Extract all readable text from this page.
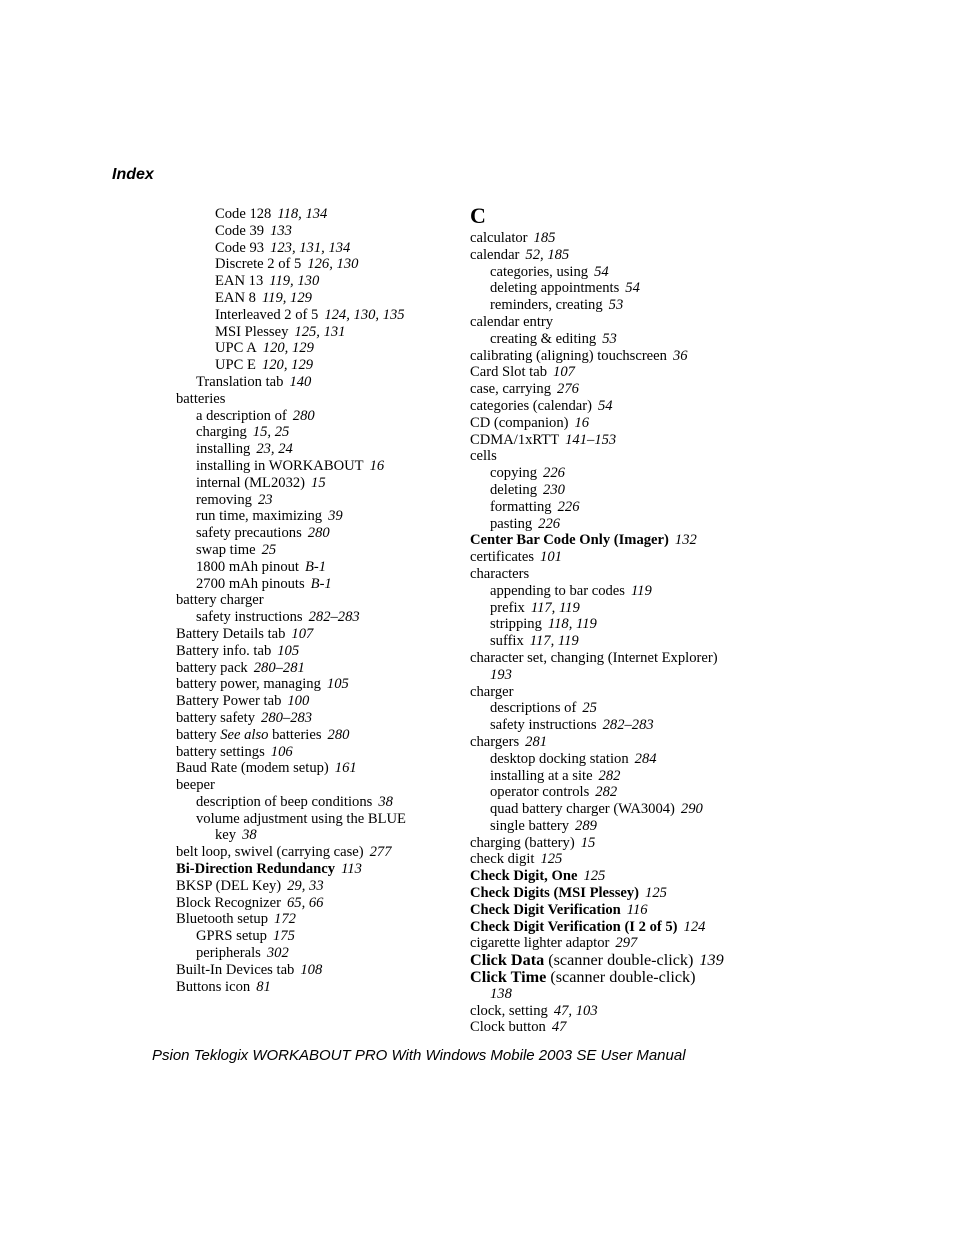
Index
Code 128 118, 134
Code 39 133
Code 93 123, 131, 134
Discrete 2 of 5 126, 130
EAN 13 119, 130
EAN 8 119, 129
Interleaved 2 of 5 124, 130, 135
MSI Plessey 125, 131
UPC A 120, 129
UPC E 120, 129
Translation tab 140
batteries
a description of 280
charging 15, 25
installing 23, 24
installing in WORKABOUT 16
internal (ML2032) 15
removing 23
run time, maximizing 39
safety precautions 280
swap time 25
1800 mAh pinout B-1
2700 mAh pinouts B-1
battery charger
safety instructions 282–283
Battery Details tab 107
Battery info. tab 105
battery pack 280–281
battery power, managing 105
Battery Power tab 100
battery safety 280–283
battery See also batteries 280
battery settings 106
Baud Rate (modem setup) 161
beeper
description of beep conditions 38
volume adjustment using the BLUE
key 38
belt loop, swivel (carrying case) 277
Bi-Direction Redundancy 113
BKSP (DEL Key) 29, 33
Block Recognizer 65, 66
Bluetooth setup 172
GPRS setup 175
peripherals 302
Built-In Devices tab 108
Buttons icon 81
C
calculator 185
calendar 52, 185
categories, using 54
deleting appointments 54
reminders, creating 53
calendar entry
creating & editing 53
calibrating (aligning) touchscreen 36
Card Slot tab 107
case, carrying 276
categories (calendar) 54
CD (companion) 16
CDMA/1xRTT 141–153
cells
copying 226
deleting 230
formatting 226
pasting 226
Center Bar Code Only (Imager) 132
certificates 101
characters
appending to bar codes 119
prefix 117, 119
stripping 118, 119
suffix 117, 119
character set, changing (Internet Explorer)
193
charger
descriptions of 25
safety instructions 282–283
chargers 281
desktop docking station 284
installing at a site 282
operator controls 282
quad battery charger (WA3004) 290
single battery 289
charging (battery) 15
check digit 125
Check Digit, One 125
Check Digits (MSI Plessey) 125
Check Digit Verification 116
Check Digit Verification (I 2 of 5) 124
cigarette lighter adaptor 297
Click Data (scanner double-click) 139
Click Time (scanner double-click)
138
clock, setting 47, 103
Clock button 47
Psion Teklogix WORKABOUT PRO With Windows Mobile 2003 SE User Manual
